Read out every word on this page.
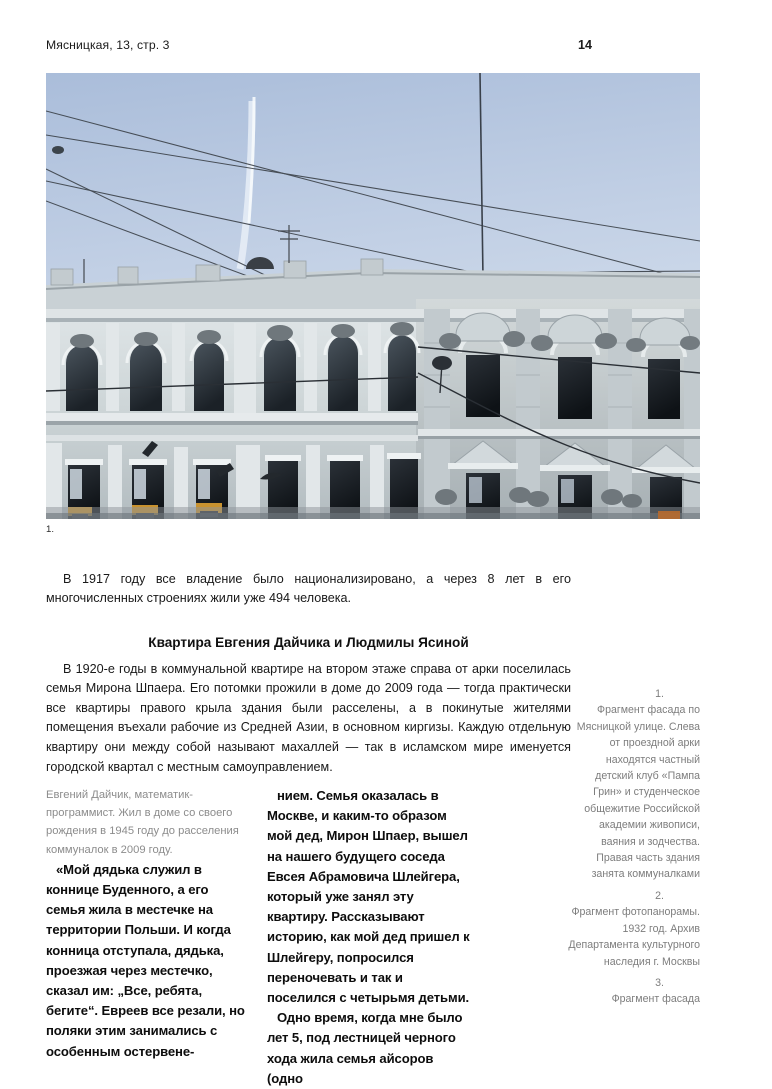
Мясницкая, 13, стр. 3	14
1.

В 1917 году все владение было национализировано, а через 8 лет в его многочисленных строениях жили уже 494 человека.

Квартира Евгения Дайчика и Людмилы Ясиной

В 1920-е годы в коммунальной квартире на втором этаже справа от арки поселилась семья Мирона Шпаера. Его потомки прожили в доме до 2009 года — тогда практически все квартиры правого крыла здания были расселены, а в покинутые жителями помещения въехали рабочие из Средней Азии, в основном киргизы. Каждую отдельную квартиру они между собой называют махаллей — так в исламском мире именуется городской квартал с местным самоуправлением.

Евгений Дайчик, математик-программист. Жил в доме со своего рождения в 1945 году до расселения коммуналок в 2009 году.

«Мой дядька служил в коннице Буденного, а его семья жила в местечке на территории Польши. И когда конница отступала, дядька, проезжая через местечко, сказал им: „Все, ребята, бегите“. Евреев все резали, но поляки этим занимались с особенным остервене-

нием. Семья оказалась в Москве, и каким-то образом мой дед, Мирон Шпаер, вышел на нашего будущего соседа Евсея Абрамовича Шлейгера, который уже занял эту квартиру. Рассказывают историю, как мой дед пришел к Шлейгеру, попросился переночевать и так и поселился с четырьмя детьми.

Одно время, когда мне было лет 5, под лестницей черного хода жила семья айсоров (одно

1.

Фрагмент фасада по Мясницкой улице. Слева от проездной арки находятся частный детский клуб «Пампа Грин» и студенческое общежитие Российской академии живописи, ваяния и зодчества. Правая часть здания занята коммуналками

2.

Фрагмент фотопанорамы. 1932 год. Архив Департамента культурного наследия г. Москвы

3.

Фрагмент фасада
